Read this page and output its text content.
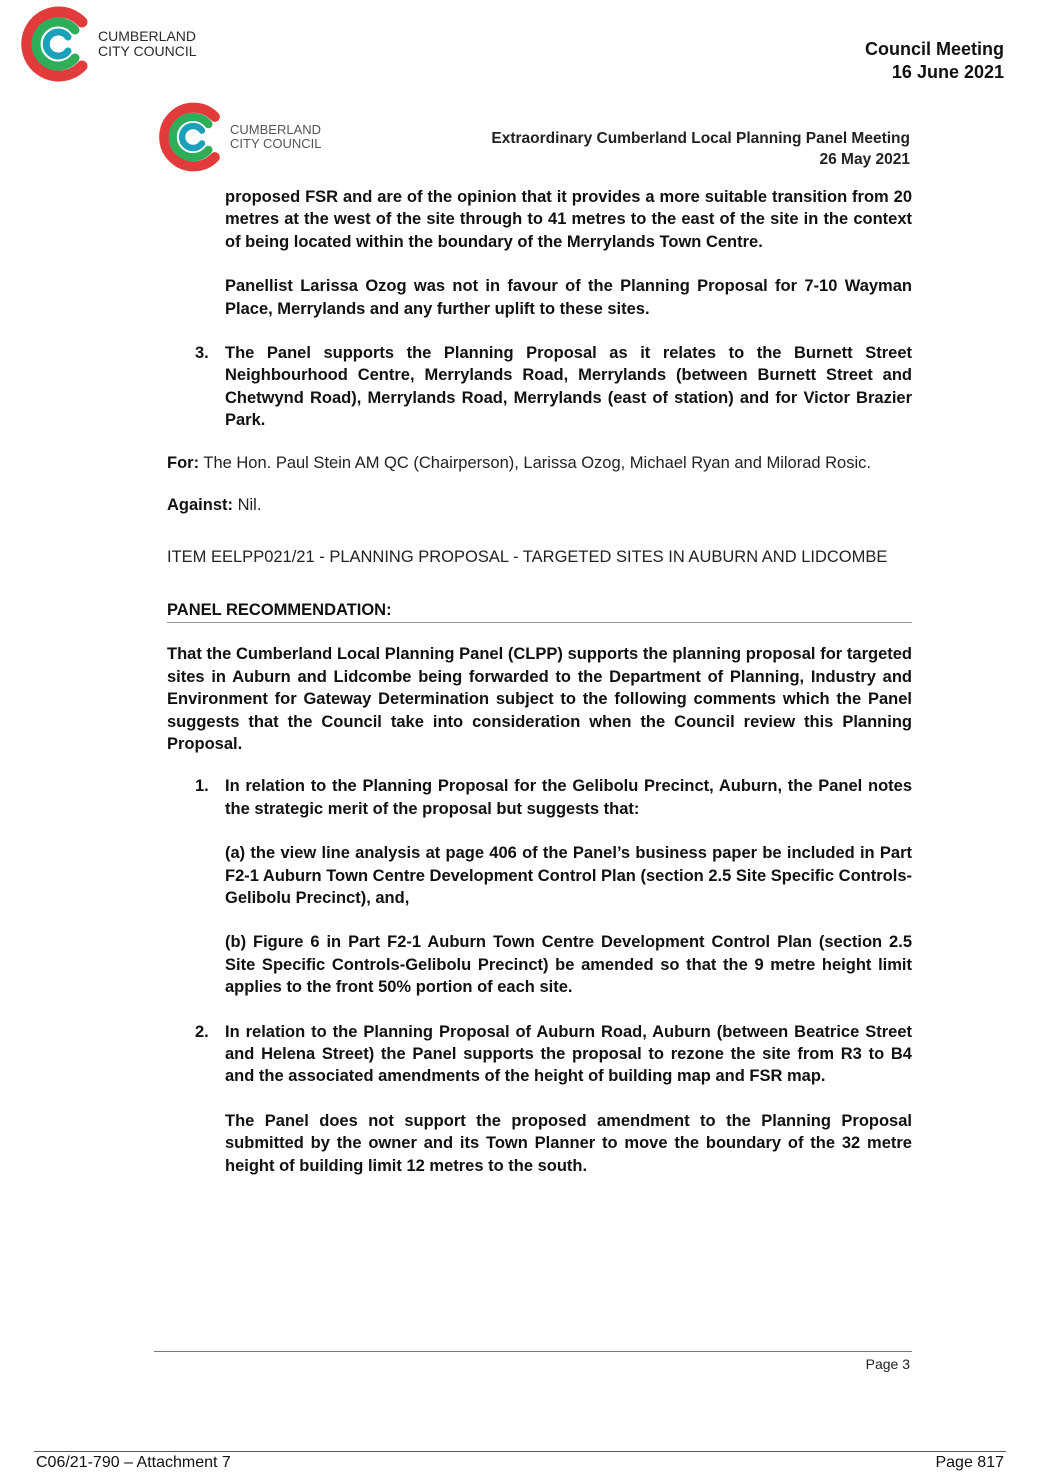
CUMBERLAND
CITY COUNCIL	Council Meeting
16 June 2021
CUMBERLAND
CITY COUNCIL	Extraordinary Cumberland Local Planning Panel Meeting
26 May 2021

proposed FSR and are of the opinion that it provides a more suitable transition from 20 metres at the west of the site through to 41 metres to the east of the site in the context of being located within the boundary of the Merrylands Town Centre.

Panellist Larissa Ozog was not in favour of the Planning Proposal for 7-10 Wayman Place, Merrylands and any further uplift to these sites.

3. The Panel supports the Planning Proposal as it relates to the Burnett Street Neighbourhood Centre, Merrylands Road, Merrylands (between Burnett Street and Chetwynd Road), Merrylands Road, Merrylands (east of station) and for Victor Brazier Park.

For: The Hon. Paul Stein AM QC (Chairperson), Larissa Ozog, Michael Ryan and Milorad Rosic.

Against: Nil.

ITEM EELPP021/21 - PLANNING PROPOSAL - TARGETED SITES IN AUBURN AND LIDCOMBE

PANEL RECOMMENDATION:

That the Cumberland Local Planning Panel (CLPP) supports the planning proposal for targeted sites in Auburn and Lidcombe being forwarded to the Department of Planning, Industry and Environment for Gateway Determination subject to the following comments which the Panel suggests that the Council take into consideration when the Council review this Planning Proposal.

1. In relation to the Planning Proposal for the Gelibolu Precinct, Auburn, the Panel notes the strategic merit of the proposal but suggests that:

(a) the view line analysis at page 406 of the Panel’s business paper be included in Part F2-1 Auburn Town Centre Development Control Plan (section 2.5 Site Specific Controls-Gelibolu Precinct), and,

(b) Figure 6 in Part F2-1 Auburn Town Centre Development Control Plan (section 2.5 Site Specific Controls-Gelibolu Precinct) be amended so that the 9 metre height limit applies to the front 50% portion of each site.

2. In relation to the Planning Proposal of Auburn Road, Auburn (between Beatrice Street and Helena Street) the Panel supports the proposal to rezone the site from R3 to B4 and the associated amendments of the height of building map and FSR map.

The Panel does not support the proposed amendment to the Planning Proposal submitted by the owner and its Town Planner to move the boundary of the 32 metre height of building limit 12 metres to the south.

Page 3
C06/21-790 – Attachment 7	Page 817
